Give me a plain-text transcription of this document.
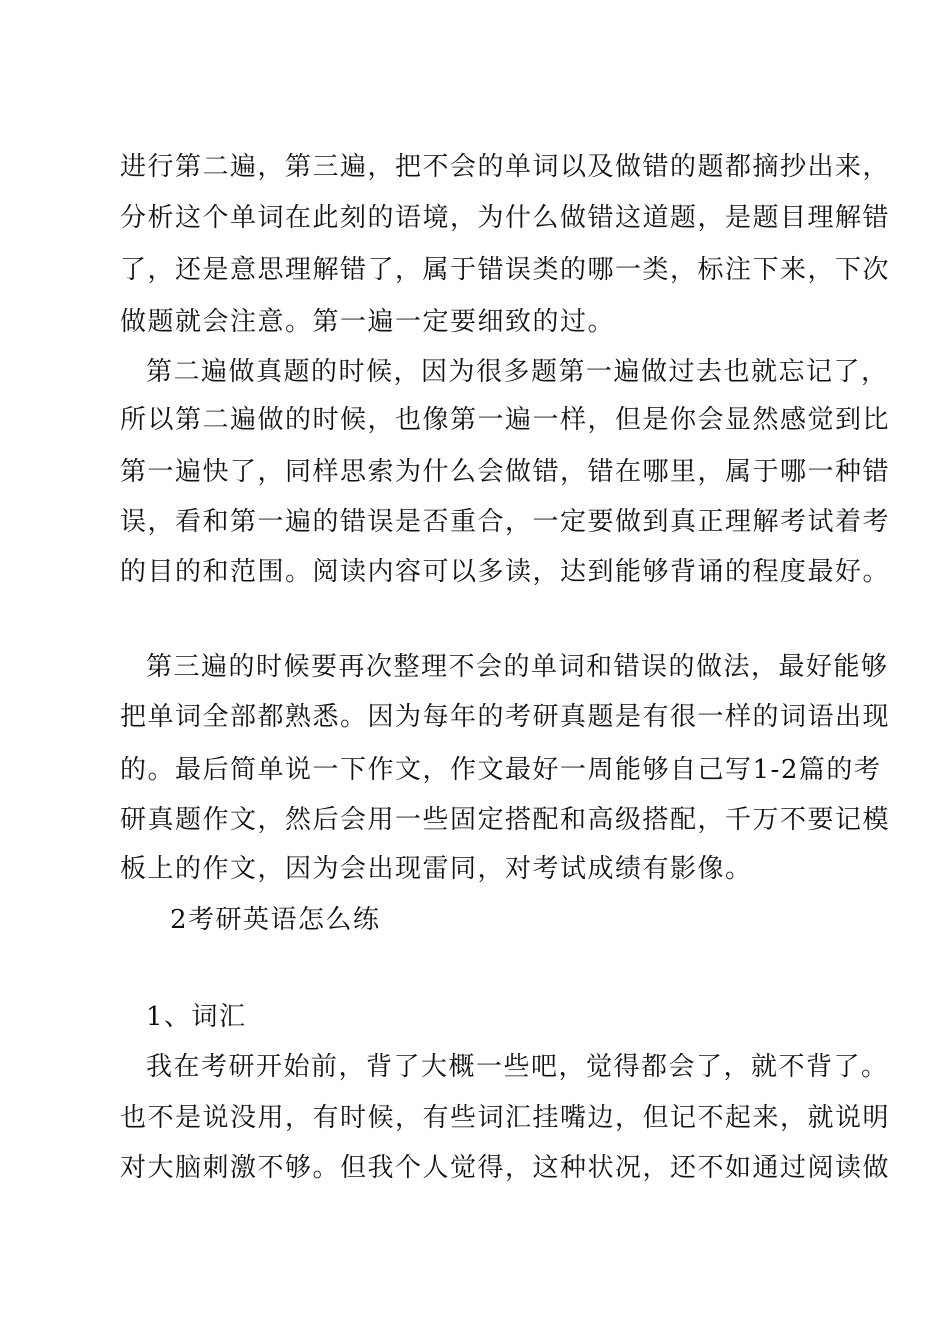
进行第二遍，第三遍，把不会的单词以及做错的题都摘抄出来，
分析这个单词在此刻的语境，为什么做错这道题，是题目理解错
了，还是意思理解错了，属于错误类的哪一类，标注下来，下次
做题就会注意。第一遍一定要细致的过。
第二遍做真题的时候，因为很多题第一遍做过去也就忘记了，
所以第二遍做的时候，也像第一遍一样，但是你会显然感觉到比
第一遍快了，同样思索为什么会做错，错在哪里，属于哪一种错
误，看和第一遍的错误是否重合，一定要做到真正理解考试着考
的目的和范围。阅读内容可以多读，达到能够背诵的程度最好。
第三遍的时候要再次整理不会的单词和错误的做法，最好能够
把单词全部都熟悉。因为每年的考研真题是有很一样的词语出现
的。最后简单说一下作文，作文最好一周能够自己写1-2篇的考
研真题作文，然后会用一些固定搭配和高级搭配，千万不要记模
板上的作文，因为会出现雷同，对考试成绩有影像。
2考研英语怎么练
1、词汇
我在考研开始前，背了大概一些吧，觉得都会了，就不背了。
也不是说没用，有时候，有些词汇挂嘴边，但记不起来，就说明
对大脑刺激不够。但我个人觉得，这种状况，还不如通过阅读做
